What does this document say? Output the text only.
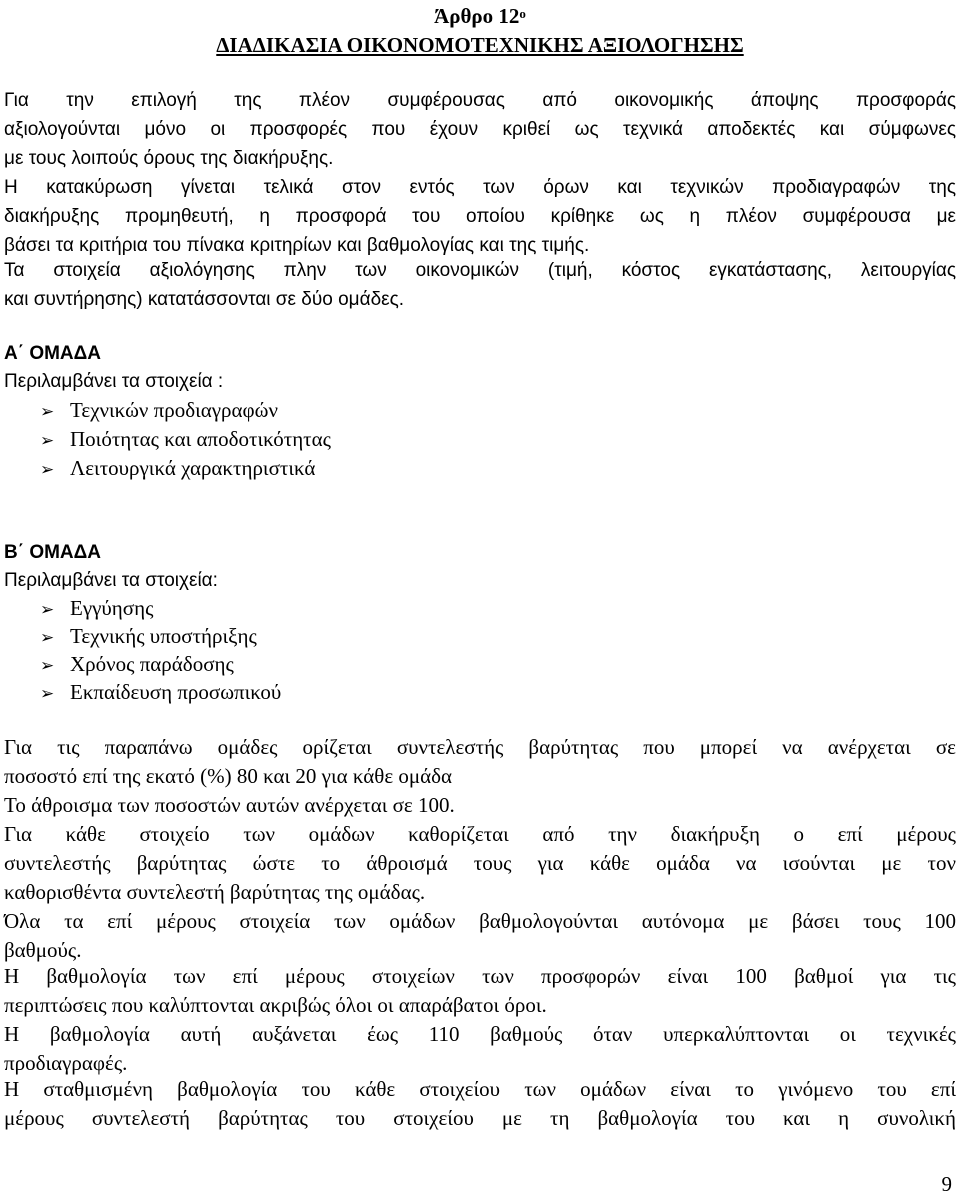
Άρθρο $12^o$
ΔΙΑΔΙΚΑΣΙΑ ΟΙΚΟΝΟΜΟΤΕΧΝΙΚΗΣ ΑΞΙΟΛΟΓΗΣΗΣ
Για την επιλογή της πλέον συμφέρουσας από οικονομικής άποψης προσφοράς
αξιολογούνται μόνο οι προσφορές που έχουν κριθεί ως τεχνικά αποδεκτές και σύμφωνες
με τους λοιπούς όρους της διακήρυξης.
Η κατακύρωση γίνεται τελικά στον εντός των όρων και τεχνικών προδιαγραφών της
διακήρυξης προμηθευτή, η προσφορά του οποίου κρίθηκε ως η πλέον συμφέρουσα με
βάσει τα κριτήρια του πίνακα κριτηρίων και βαθμολογίας και της τιμής.
Τα στοιχεία αξιολόγησης πλην των οικονομικών (τιμή, κόστος εγκατάστασης, λειτουργίας
και συντήρησης) κατατάσσονται σε δύο ομάδες.
Α΄ ΟΜΑΔΑ
Περιλαμβάνει τα στοιχεία :
➢ Τεχνικών προδιαγραφών
➢ Ποιότητας και αποδοτικότητας
➢ Λειτουργικά χαρακτηριστικά
Β΄ ΟΜΑΔΑ
Περιλαμβάνει τα στοιχεία:
➢ Εγγύησης
➢ Τεχνικής υποστήριξης
➢ Χρόνος παράδοσης
➢ Εκπαίδευση προσωπικού
Για τις παραπάνω ομάδες ορίζεται συντελεστής βαρύτητας που μπορεί να ανέρχεται σε
ποσοστό επί της εκατό (%) 80 και 20 για κάθε ομάδα
Το άθροισμα των ποσοστών αυτών ανέρχεται σε 100.
Για κάθε στοιχείο των ομάδων καθορίζεται από την διακήρυξη ο επί μέρους
συντελεστής βαρύτητας ώστε το άθροισμά τους για κάθε ομάδα να ισούνται με τον
καθορισθέντα συντελεστή βαρύτητας της ομάδας.
Όλα τα επί μέρους στοιχεία των ομάδων βαθμολογούνται αυτόνομα με βάσει τους 100
βαθμούς.
Η βαθμολογία των επί μέρους στοιχείων των προσφορών είναι 100 βαθμοί για τις
περιπτώσεις που καλύπτονται ακριβώς όλοι οι απαράβατοι όροι.
Η βαθμολογία αυτή αυξάνεται έως 110 βαθμούς όταν υπερκαλύπτονται οι τεχνικές
προδιαγραφές.
Η σταθμισμένη βαθμολογία του κάθε στοιχείου των ομάδων είναι το γινόμενο του επί
μέρους συντελεστή βαρύτητας του στοιχείου με τη βαθμολογία του και η συνολική
9
